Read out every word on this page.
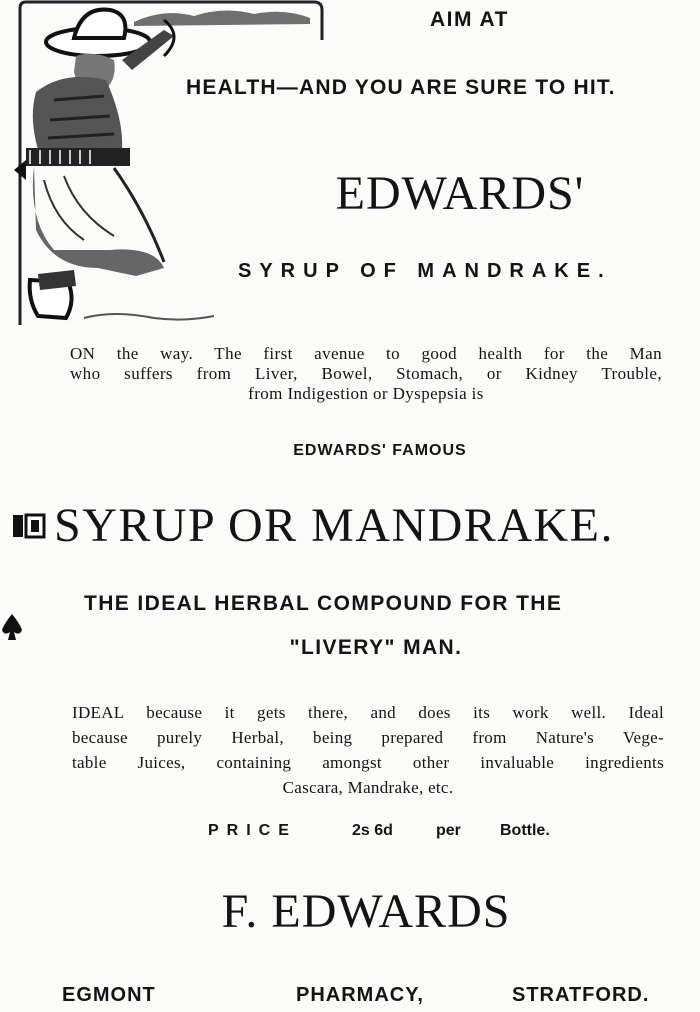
AIM AT
HEALTH—AND YOU ARE SURE TO HIT.
EDWARDS'
SYRUP OF MANDRAKE.
ON the way. The first avenue to good health for the Man
who suffers from Liver, Bowel, Stomach, or Kidney Trouble,
from Indigestion or Dyspepsia is
EDWARDS' FAMOUS
SYRUP OR MANDRAKE.
THE IDEAL HERBAL COMPOUND FOR THE
"LIVERY" MAN.
IDEAL because it gets there, and does its work well. Ideal
because purely Herbal, being prepared from Nature's Vege-
table Juices, containing amongst other invaluable ingredients
Cascara, Mandrake, etc.
PRICE	2s 6d	per Bottle.
F. EDWARDS
EGMONT	PHARMACY,	STRATFORD.
